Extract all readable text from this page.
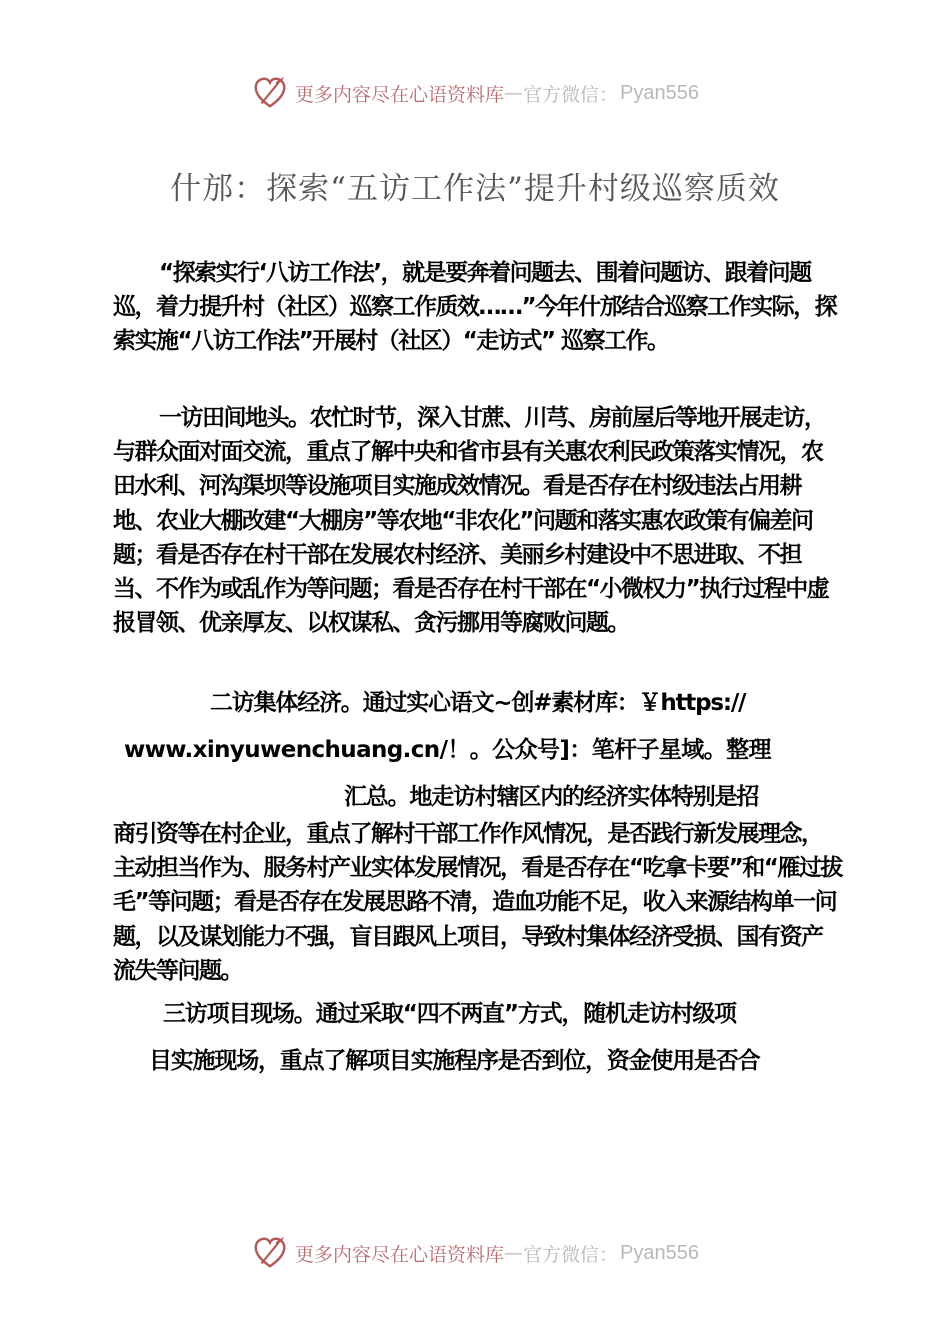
更多内容尽在心语资料库 — 官方微信： Pyan556
什邡：探索“五访工作法”提升村级巡察质效

“探索实行‘八访工作法’，就是要奔着问题去、围着问题访、跟着问题巡，着力提升村（社区）巡察工作质效……”今年什邡结合巡察工作实际，探索实施“八访工作法”开展村（社区）“走访式” 巡察工作。

一访田间地头。农忙时节，深入甘蔗、川芎、房前屋后等地开展走访，与群众面对面交流，重点了解中央和省市县有关惠农利民政策落实情况，农田水利、河沟渠坝等设施项目实施成效情况。看是否存在村级违法占用耕地、农业大棚改建“大棚房”等农地“非农化”问题和落实惠农政策有偏差问题；看是否存在村干部在发展农村经济、美丽乡村建设中不思进取、不担当、不作为或乱作为等问题；看是否存在村干部在“小微权力”执行过程中虚报冒领、优亲厚友、以权谋私、贪污挪用等腐败问题。

二访集体经济。通过实心语文~创#素材库：￥https://
www.xinyuwenchuang.cn/！。公众号]：笔杆子星域。整理
汇总。地走访村辖区内的经济实体特别是招

商引资等在村企业，重点了解村干部工作作风情况，是否践行新发展理念，主动担当作为、服务村产业实体发展情况，看是否存在“吃拿卡要”和“雁过拔毛”等问题；看是否存在发展思路不清，造血功能不足，收入来源结构单一问题，以及谋划能力不强，盲目跟风上项目，导致村集体经济受损、国有资产流失等问题。

三访项目现场。通过采取“四不两直”方式，随机走访村级项
目实施现场，重点了解项目实施程序是否到位，资金使用是否合
更多内容尽在心语资料库 — 官方微信： Pyan556
